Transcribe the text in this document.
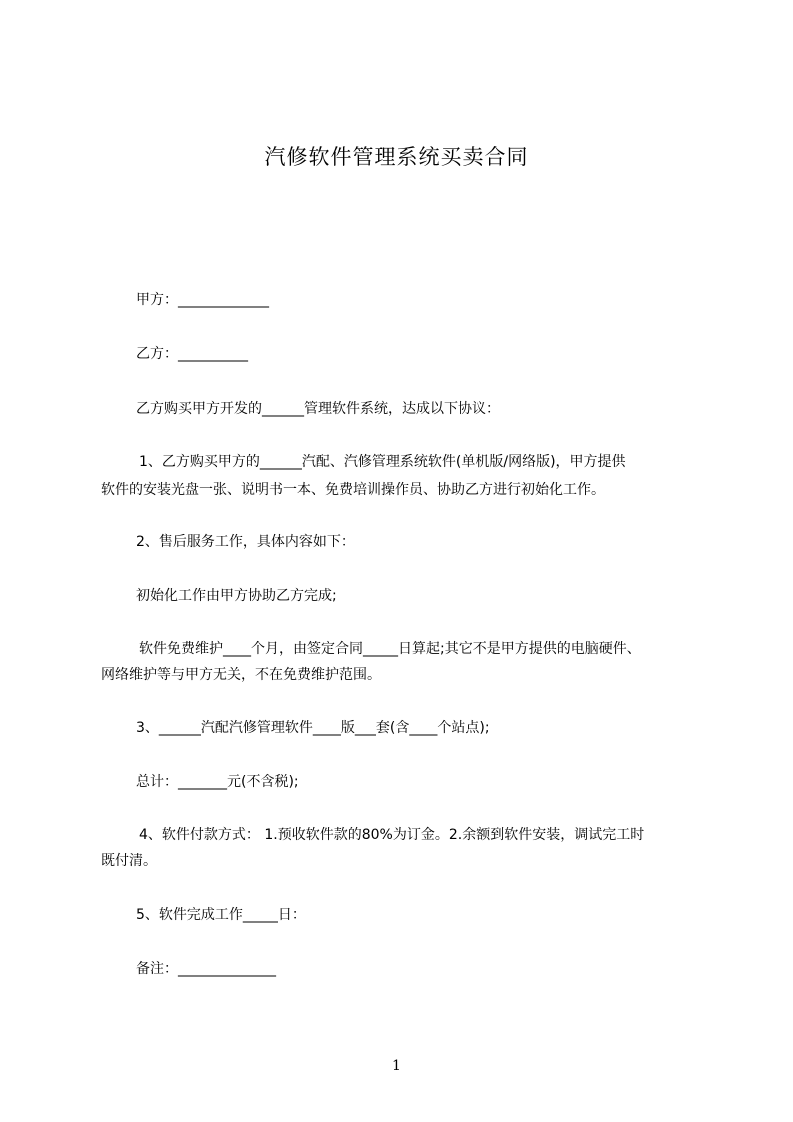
汽修软件管理系统买卖合同
甲方：_____________
乙方：__________
乙方购买甲方开发的______管理软件系统，达成以下协议：
1、乙方购买甲方的______汽配、汽修管理系统软件(单机版/网络版)，甲方提供
软件的安装光盘一张、说明书一本、免费培训操作员、协助乙方进行初始化工作。
2、售后服务工作，具体内容如下：
初始化工作由甲方协助乙方完成;
软件免费维护____个月，由签定合同_____日算起;其它不是甲方提供的电脑硬件、
网络维护等与甲方无关，不在免费维护范围。
3、______汽配汽修管理软件____版___套(含____个站点);
总计：_______元(不含税);
4、软件付款方式： 1.预收软件款的80%为订金。2.余额到软件安装，调试完工时
既付清。
5、软件完成工作_____日：
备注：______________
1
